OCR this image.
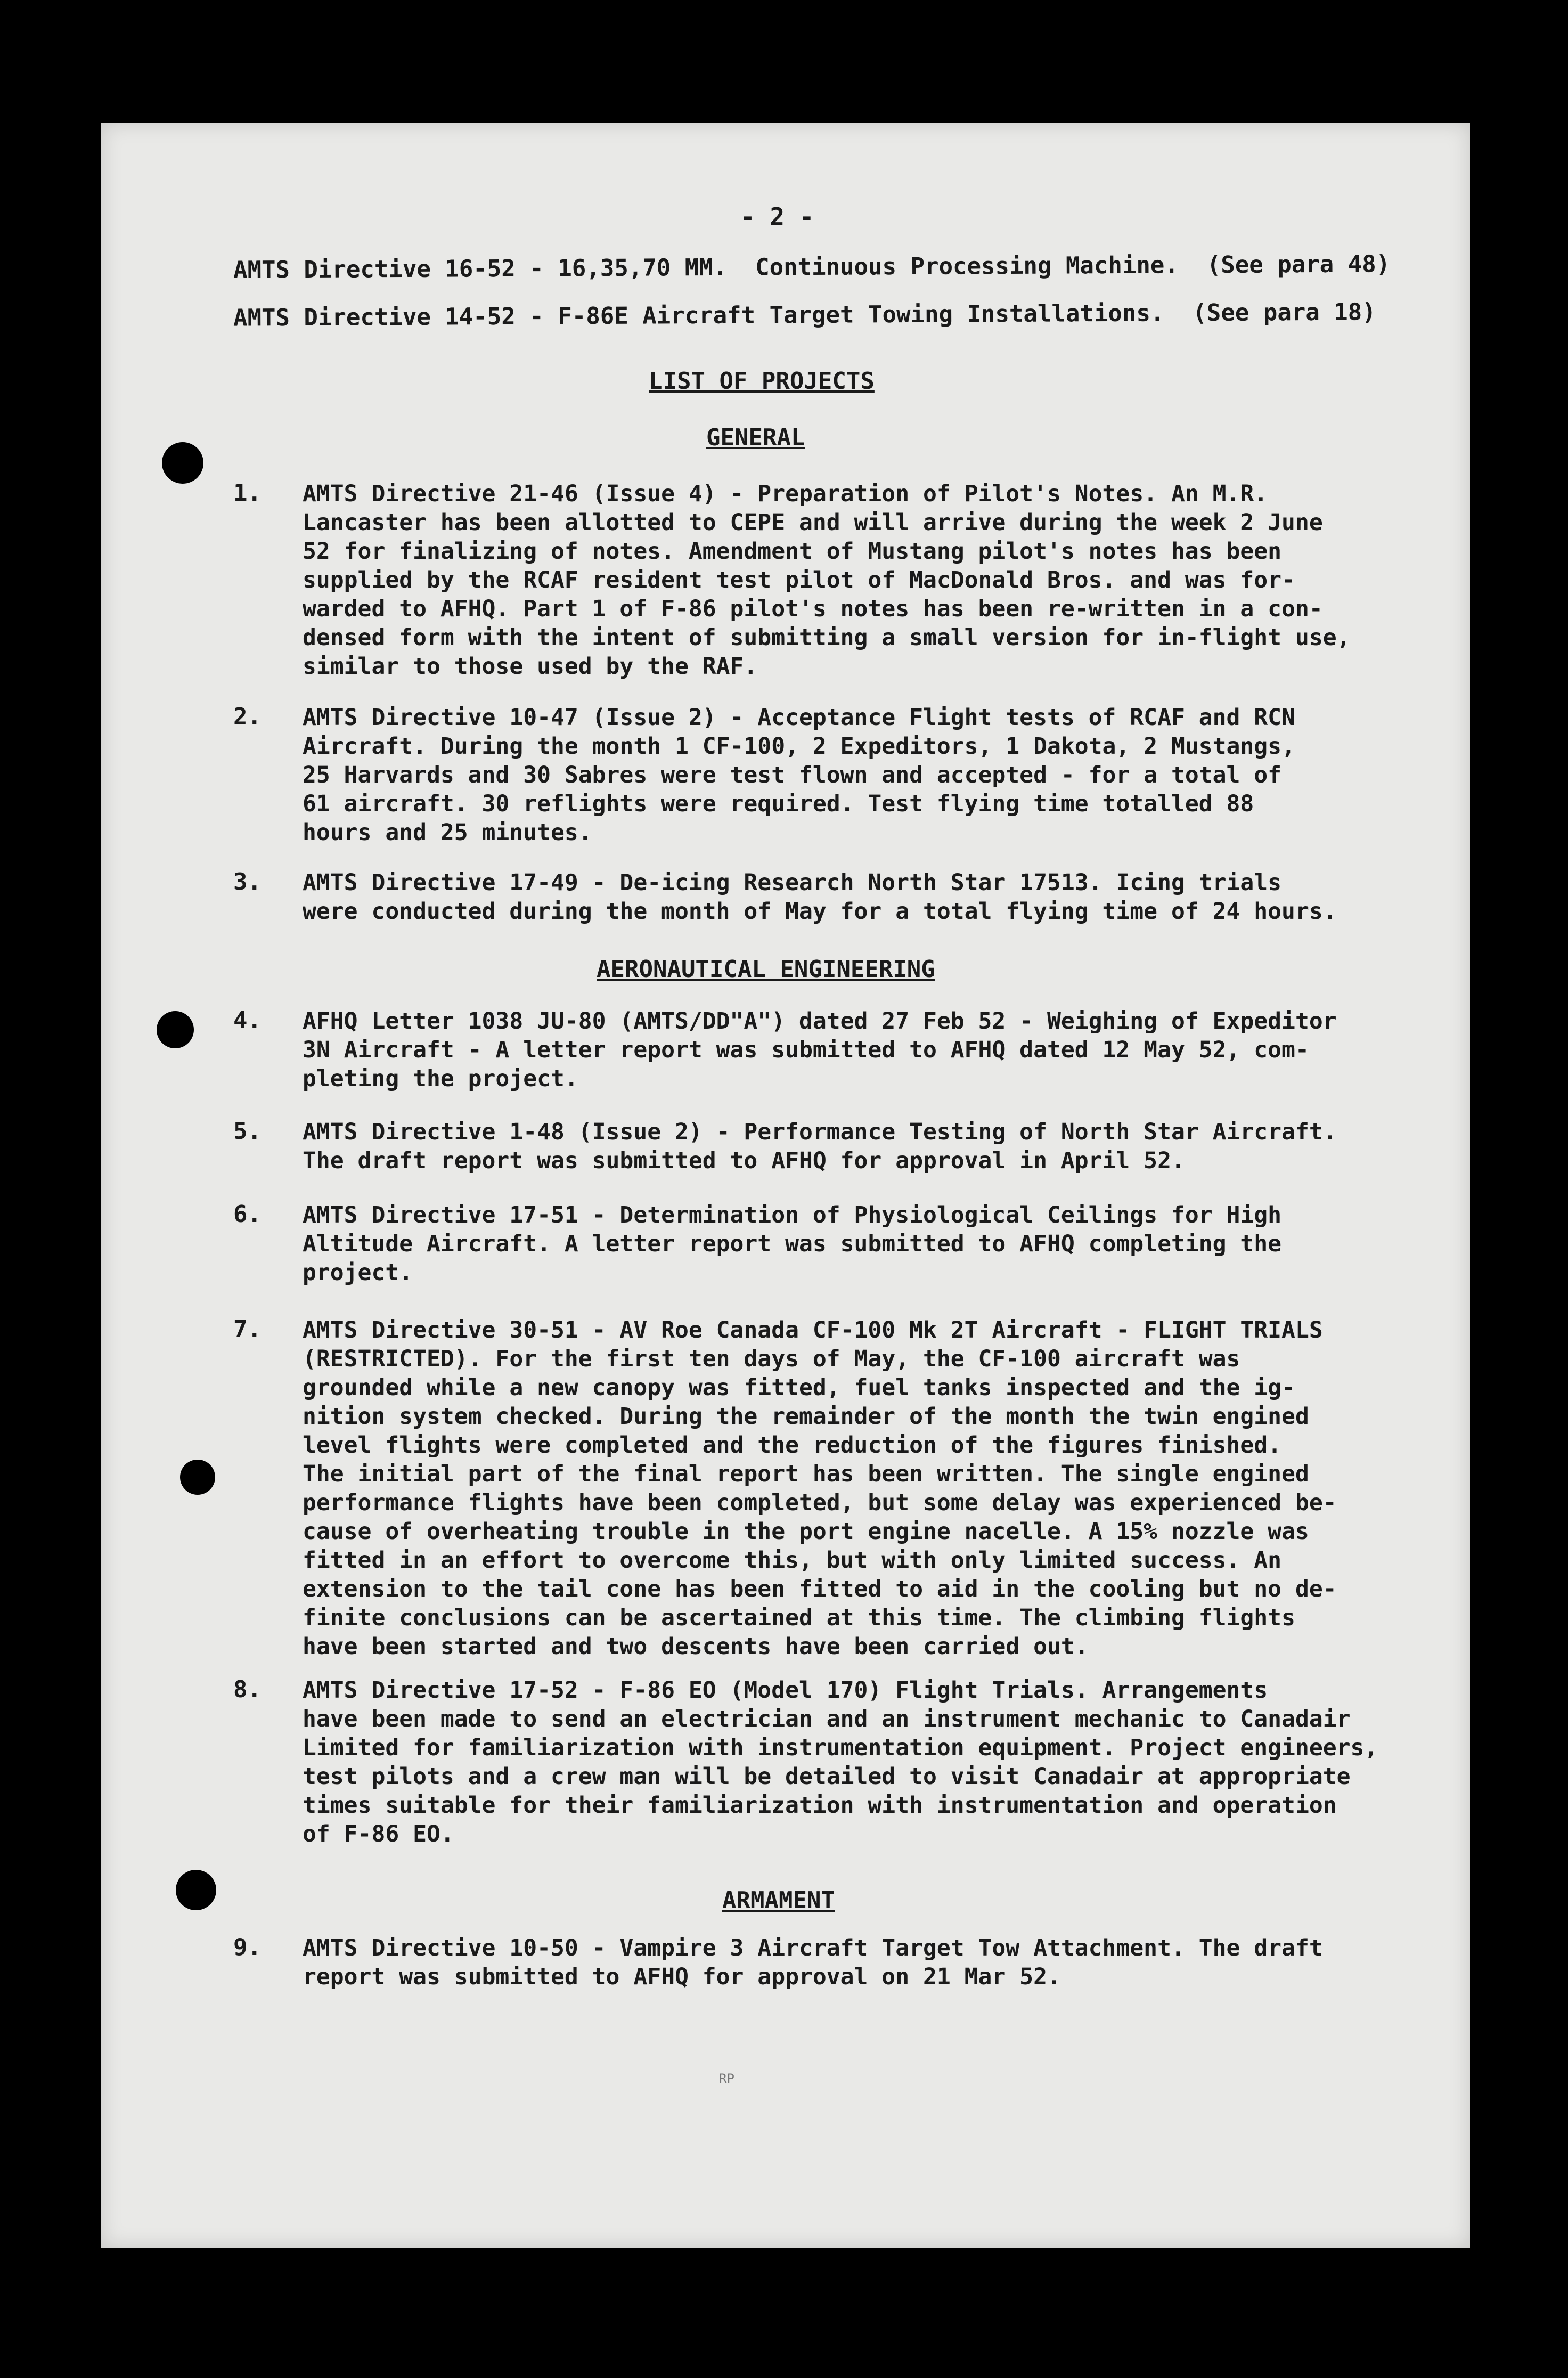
- 2 -
AMTS Directive 16-52 - 16,35,70 MM.  Continuous Processing Machine.  (See para 48)
AMTS Directive 14-52 - F-86E Aircraft Target Towing Installations.  (See para 18)
LIST OF PROJECTS
GENERAL
1. AMTS Directive 21-46 (Issue 4) - Preparation of Pilot's Notes. An M.R.
Lancaster has been allotted to CEPE and will arrive during the week 2 June
52 for finalizing of notes. Amendment of Mustang pilot's notes has been
supplied by the RCAF resident test pilot of MacDonald Bros. and was for-
warded to AFHQ. Part 1 of F-86 pilot's notes has been re-written in a con-
densed form with the intent of submitting a small version for in-flight use,
similar to those used by the RAF.
2. AMTS Directive 10-47 (Issue 2) - Acceptance Flight tests of RCAF and RCN
Aircraft. During the month 1 CF-100, 2 Expeditors, 1 Dakota, 2 Mustangs,
25 Harvards and 30 Sabres were test flown and accepted - for a total of
61 aircraft. 30 reflights were required. Test flying time totalled 88
hours and 25 minutes.
3. AMTS Directive 17-49 - De-icing Research North Star 17513. Icing trials
were conducted during the month of May for a total flying time of 24 hours.
AERONAUTICAL ENGINEERING
4. AFHQ Letter 1038 JU-80 (AMTS/DD"A") dated 27 Feb 52 - Weighing of Expeditor
3N Aircraft - A letter report was submitted to AFHQ dated 12 May 52, com-
pleting the project.
5. AMTS Directive 1-48 (Issue 2) - Performance Testing of North Star Aircraft.
The draft report was submitted to AFHQ for approval in April 52.
6. AMTS Directive 17-51 - Determination of Physiological Ceilings for High
Altitude Aircraft. A letter report was submitted to AFHQ completing the
project.
7. AMTS Directive 30-51 - AV Roe Canada CF-100 Mk 2T Aircraft - FLIGHT TRIALS
(RESTRICTED). For the first ten days of May, the CF-100 aircraft was
grounded while a new canopy was fitted, fuel tanks inspected and the ig-
nition system checked. During the remainder of the month the twin engined
level flights were completed and the reduction of the figures finished.
The initial part of the final report has been written. The single engined
performance flights have been completed, but some delay was experienced be-
cause of overheating trouble in the port engine nacelle. A 15% nozzle was
fitted in an effort to overcome this, but with only limited success. An
extension to the tail cone has been fitted to aid in the cooling but no de-
finite conclusions can be ascertained at this time. The climbing flights
have been started and two descents have been carried out.
8. AMTS Directive 17-52 - F-86 EO (Model 170) Flight Trials. Arrangements
have been made to send an electrician and an instrument mechanic to Canadair
Limited for familiarization with instrumentation equipment. Project engineers,
test pilots and a crew man will be detailed to visit Canadair at appropriate
times suitable for their familiarization with instrumentation and operation
of F-86 EO.
ARMAMENT
9. AMTS Directive 10-50 - Vampire 3 Aircraft Target Tow Attachment. The draft
report was submitted to AFHQ for approval on 21 Mar 52.
RP
